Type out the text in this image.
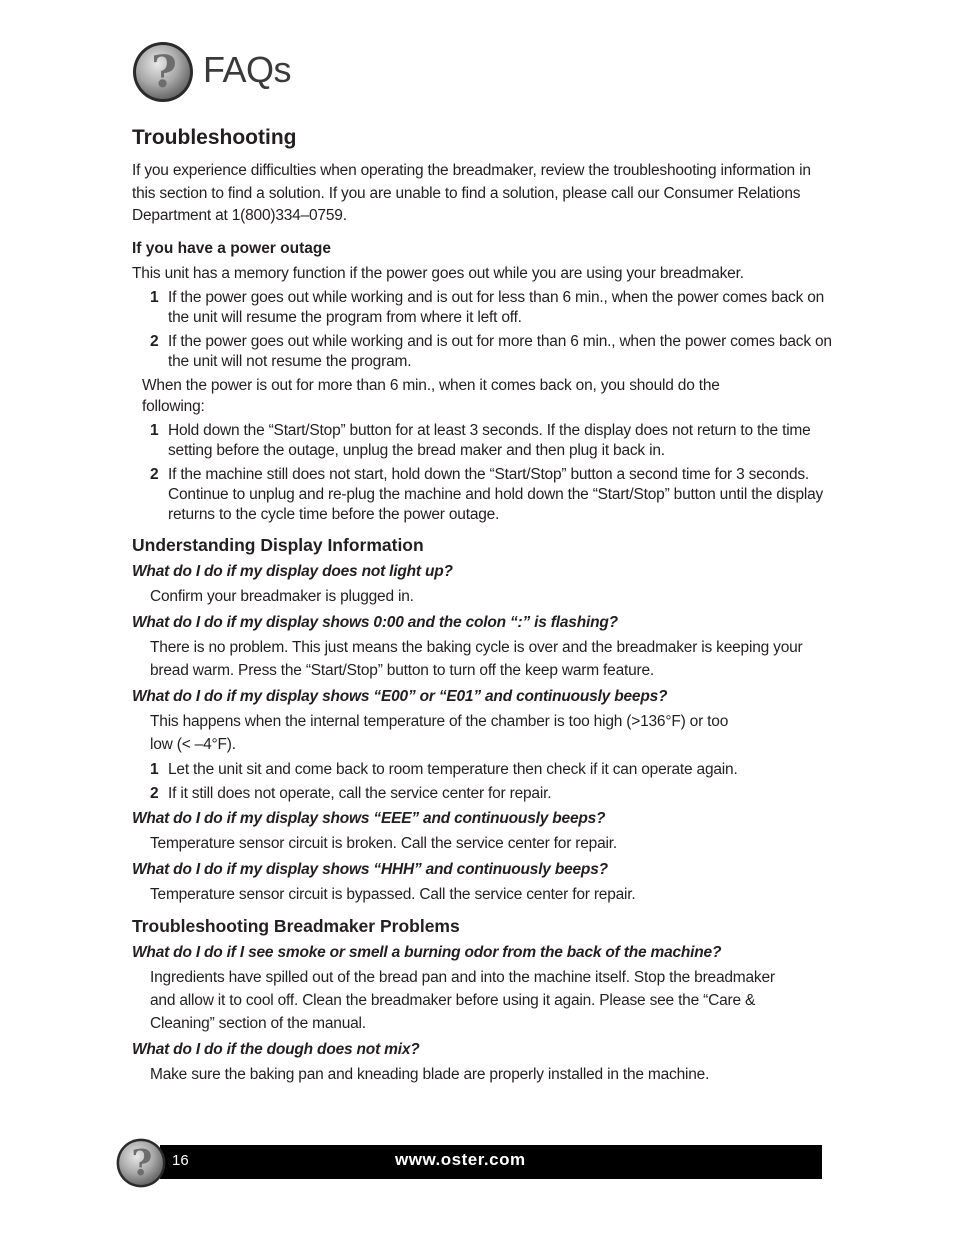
? FAQs
Troubleshooting

If you experience difficulties when operating the breadmaker, review the troubleshooting information in this section to find a solution. If you are unable to find a solution, please call our Consumer Relations Department at 1(800)334–0759.

If you have a power outage

This unit has a memory function if the power goes out while you are using your breadmaker.

1 If the power goes out while working and is out for less than 6 min., when the power comes back on the unit will resume the program from where it left off.
2 If the power goes out while working and is out for more than 6 min., when the power comes back on the unit will not resume the program.

When the power is out for more than 6 min., when it comes back on, you should do the following:

1 Hold down the “Start/Stop” button for at least 3 seconds. If the display does not return to the time setting before the outage, unplug the bread maker and then plug it back in.
2 If the machine still does not start, hold down the “Start/Stop” button a second time for 3 seconds. Continue to unplug and re-plug the machine and hold down the “Start/Stop” button until the display returns to the cycle time before the power outage.

Understanding Display Information

What do I do if my display does not light up?

Confirm your breadmaker is plugged in.

What do I do if my display shows 0:00 and the colon “:” is flashing?

There is no problem. This just means the baking cycle is over and the breadmaker is keeping your bread warm. Press the “Start/Stop” button to turn off the keep warm feature.

What do I do if my display shows “E00” or “E01” and continuously beeps?

This happens when the internal temperature of the chamber is too high (>136°F) or too low (< –4°F).

1 Let the unit sit and come back to room temperature then check if it can operate again.
2 If it still does not operate, call the service center for repair.

What do I do if my display shows “EEE” and continuously beeps?

Temperature sensor circuit is broken. Call the service center for repair.

What do I do if my display shows “HHH” and continuously beeps?

Temperature sensor circuit is bypassed. Call the service center for repair.

Troubleshooting Breadmaker Problems

What do I do if I see smoke or smell a burning odor from the back of the machine?

Ingredients have spilled out of the bread pan and into the machine itself. Stop the breadmaker and allow it to cool off. Clean the breadmaker before using it again. Please see the “Care & Cleaning” section of the manual.

What do I do if the dough does not mix?

Make sure the baking pan and kneading blade are properly installed in the machine.

? 16	www.oster.com
